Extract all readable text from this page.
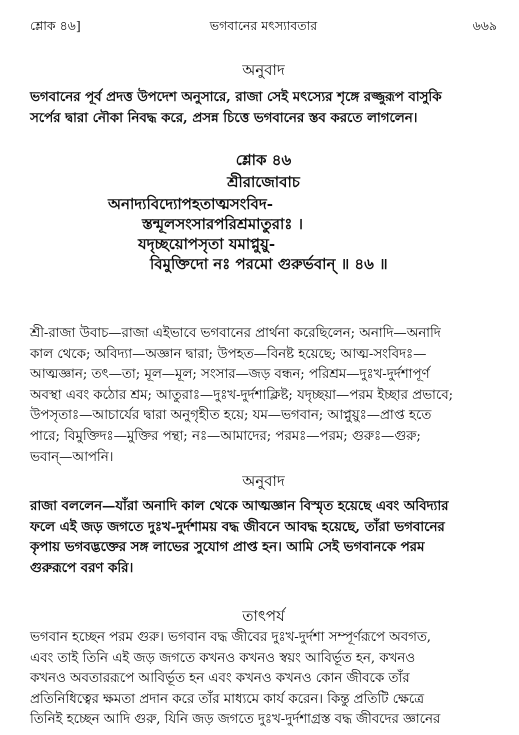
শ্লোক ৪৬]	ভগবানের মৎস্যাবতার	৬৬৯
অনুবাদ
ভগবানের পূর্ব প্রদত্ত উপদেশ অনুসারে, রাজা সেই মৎস্যের শৃঙ্গে রজ্জুরূপ বাসুকি
সর্পের দ্বারা নৌকা নিবদ্ধ করে, প্রসন্ন চিত্তে ভগবানের স্তব করতে লাগলেন।
শ্লোক ৪৬
শ্রীরাজোবাচ
অনাদ্যবিদ্যোপহতাত্মসংবিদ-
স্তন্মূলসংসারপরিশ্রমাতুরাঃ ।
যদৃচ্ছয়োপসৃতা যমাপ্নুয়ু-
বিমুক্তিদো নঃ পরমো গুরুর্ভবান্‌ ॥ ৪৬ ॥
শ্রী-রাজা উবাচ—রাজা এইভাবে ভগবানের প্রার্থনা করেছিলেন; অনাদি—অনাদি
কাল থেকে; অবিদ্যা—অজ্ঞান দ্বারা; উপহত—বিনষ্ট হয়েছে; আত্ম-সংবিদঃ—
আত্মজ্ঞান; তৎ—তা; মূল—মূল; সংসার—জড় বন্ধন; পরিশ্রম—দুঃখ-দুর্দশাপূর্ণ
অবস্থা এবং কঠোর শ্রম; আতুরাঃ—দুঃখ-দুর্দশাক্লিষ্ট; যদৃচ্ছয়া—পরম ইচ্ছার প্রভাবে;
উপসৃতাঃ—আচার্যের দ্বারা অনুগৃহীত হয়ে; যম—ভগবান; আপ্নুয়ুঃ—প্রাপ্ত হতে
পারে; বিমুক্তিদঃ—মুক্তির পন্থা; নঃ—আমাদের; পরমঃ—পরম; গুরুঃ—গুরু;
ভবান্‌—আপনি।
অনুবাদ
রাজা বললেন—যাঁরা অনাদি কাল থেকে আত্মজ্ঞান বিস্মৃত হয়েছে এবং অবিদ্যার
ফলে এই জড় জগতে দুঃখ-দুর্দশাময় বদ্ধ জীবনে আবদ্ধ হয়েছে, তাঁরা ভগবানের
কৃপায় ভগবদ্ভক্তের সঙ্গ লাভের সুযোগ প্রাপ্ত হন। আমি সেই ভগবানকে পরম
গুরুরূপে বরণ করি।
তাৎপর্য
ভগবান হচ্ছেন পরম গুরু। ভগবান বদ্ধ জীবের দুঃখ-দুর্দশা সম্পূর্ণরূপে অবগত,
এবং তাই তিনি এই জড় জগতে কখনও কখনও স্বয়ং আবির্ভূত হন, কখনও
কখনও অবতাররূপে আবির্ভূত হন এবং কখনও কখনও কোন জীবকে তাঁর
প্রতিনিধিত্বের ক্ষমতা প্রদান করে তাঁর মাধ্যমে কার্য করেন। কিন্তু প্রতিটি ক্ষেত্রে
তিনিই হচ্ছেন আদি গুরু, যিনি জড় জগতে দুঃখ-দুর্দশাগ্রস্ত বদ্ধ জীবদের জ্ঞানের
